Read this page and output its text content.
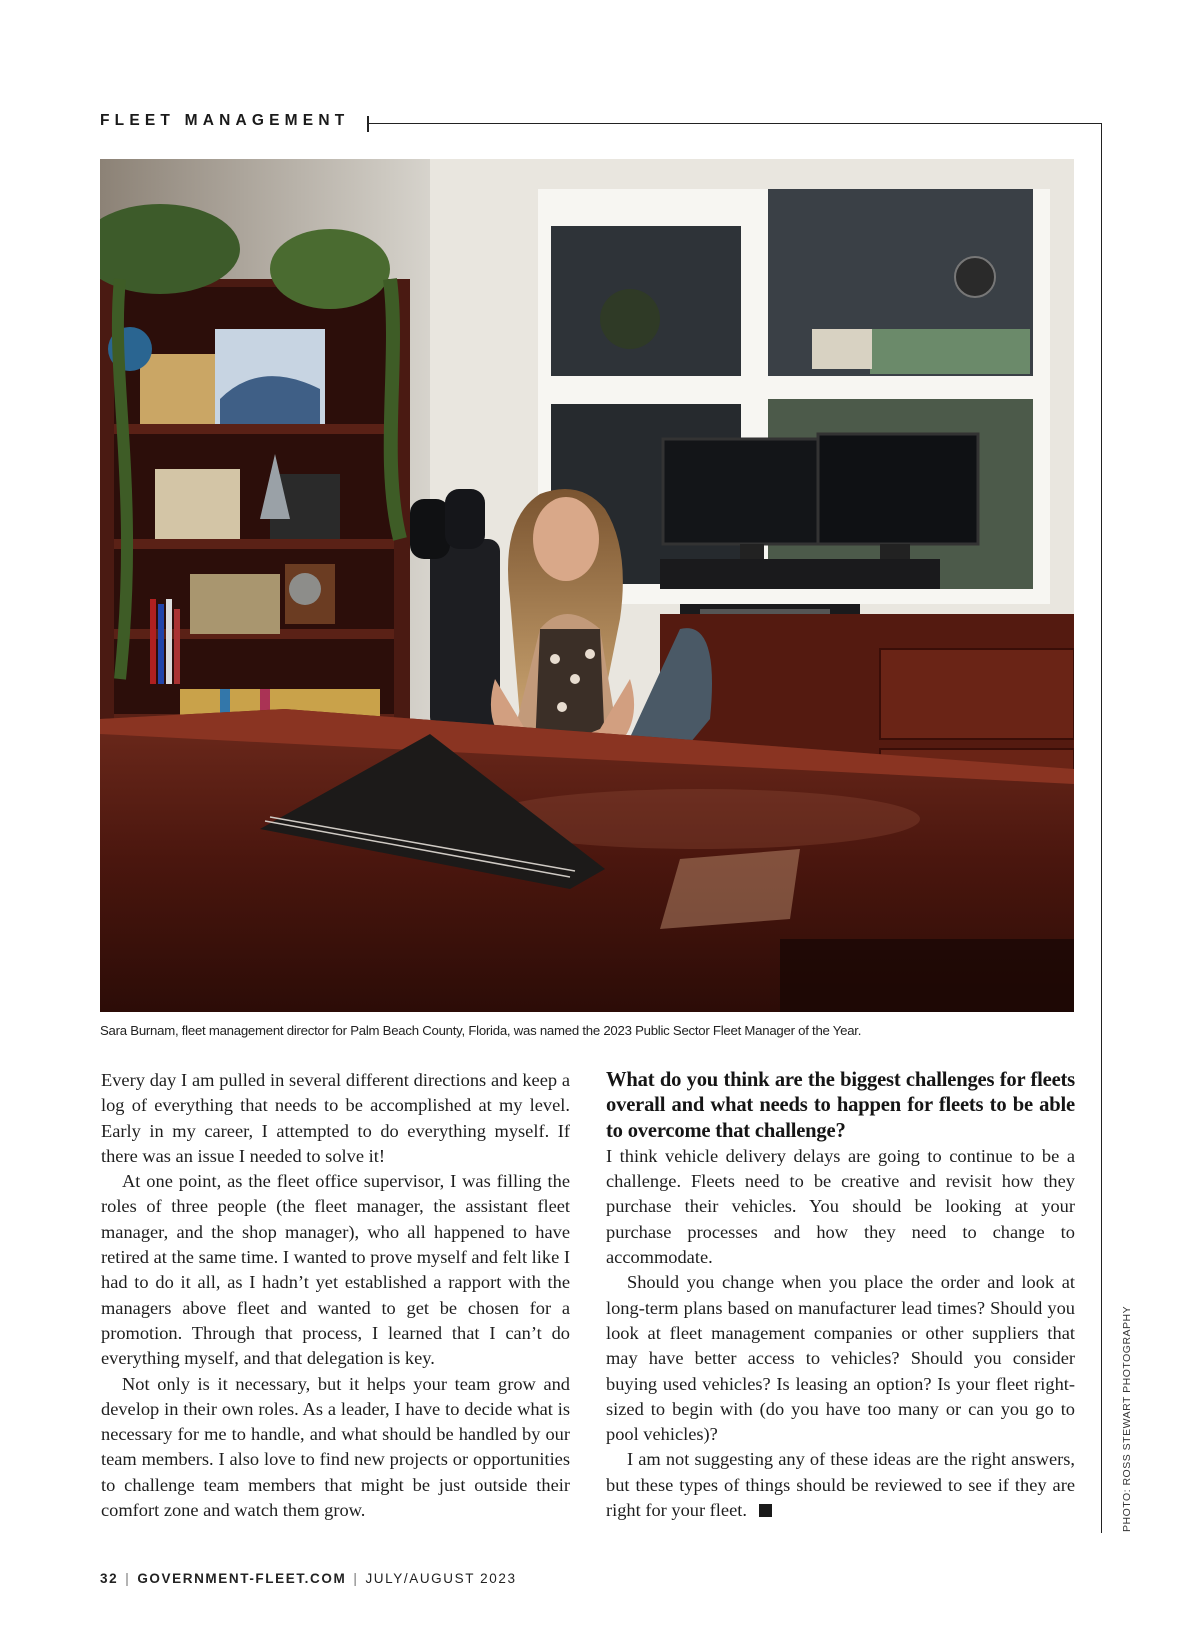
FLEET MANAGEMENT
Sara Burnam, fleet management director for Palm Beach County, Florida, was named the 2023 Public Sector Fleet Manager of the Year.

Every day I am pulled in several different directions and keep a log of everything that needs to be accomplished at my level. Early in my career, I attempted to do everything myself. If there was an issue I needed to solve it!

At one point, as the fleet office supervisor, I was filling the roles of three people (the fleet manager, the assistant fleet manager, and the shop manager), who all happened to have retired at the same time. I wanted to prove myself and felt like I had to do it all, as I hadn’t yet established a rapport with the managers above fleet and wanted to get be chosen for a promotion. Through that process, I learned that I can’t do everything myself, and that delegation is key.

Not only is it necessary, but it helps your team grow and develop in their own roles. As a leader, I have to decide what is necessary for me to handle, and what should be handled by our team members. I also love to find new projects or opportunities to challenge team members that might be just outside their comfort zone and watch them grow.

What do you think are the biggest challenges for fleets overall and what needs to happen for fleets to be able to overcome that challenge?

I think vehicle delivery delays are going to continue to be a challenge. Fleets need to be creative and revisit how they purchase their vehicles. You should be looking at your purchase processes and how they need to change to accommodate.

Should you change when you place the order and look at long-term plans based on manufacturer lead times? Should you look at fleet management companies or other suppliers that may have better access to vehicles? Should you consider buying used vehicles? Is leasing an option? Is your fleet right-sized to begin with (do you have too many or can you go to pool vehicles)?

I am not suggesting any of these ideas are the right answers, but these types of things should be reviewed to see if they are right for your fleet.	PHOTO: ROSS STEWART PHOTOGRAPHY
32 | GOVERNMENT-FLEET.COM | JULY/AUGUST 2023
